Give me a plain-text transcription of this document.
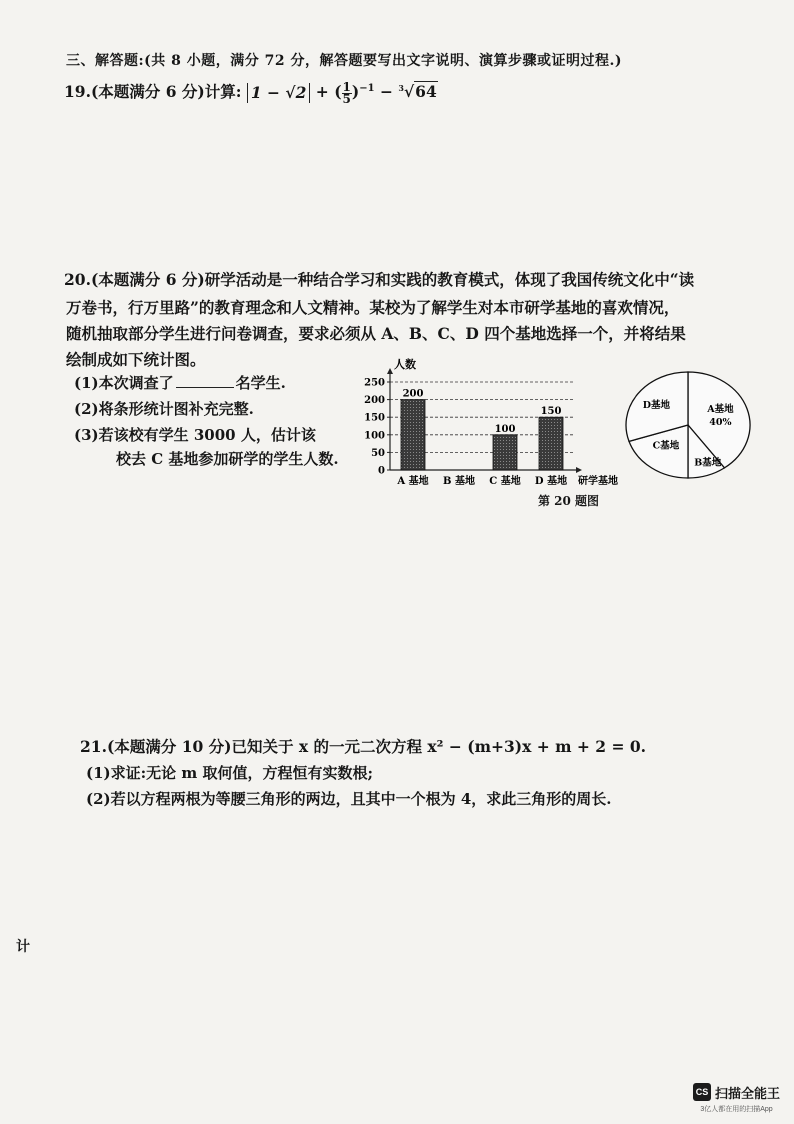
三、解答题:(共 8 小题，满分 72 分，解答题要写出文字说明、演算步骤或证明过程.)
19.(本题满分 6 分)计算: 1 − √2 + ( $\frac{1}{5} )^{-1} - ^3√64$
20.(本题满分 6 分)研学活动是一种结合学习和实践的教育模式，体现了我国传统文化中“读
万卷书，行万里路”的教育理念和人文精神。某校为了解学生对本市研学基地的喜欢情况，
随机抽取部分学生进行问卷调查，要求必须从 A、B、C、D 四个基地选择一个，并将结果
绘制成如下统计图。
(1)本次调查了	名学生.
(2)将条形统计图补充完整.
(3)若该校有学生 3000 人，估计该
校去 C 基地参加研学的学生人数.
0
50
100
150
200
250
200
100
150
A 基地 B 基地 C 基地 D 基地
人数
研学基地
第 20 题图
A基地
40%
B基地
C基地
D基地
21.(本题满分 10 分)已知关于 x 的一元二次方程 x² − (m+3)x + m + 2 = 0.
(1)求证:无论 m 取何值，方程恒有实数根;
(2)若以方程两根为等腰三角形的两边，且其中一个根为 4，求此三角形的周长.
计
CS 扫描全能王
3亿人都在用的扫描App
